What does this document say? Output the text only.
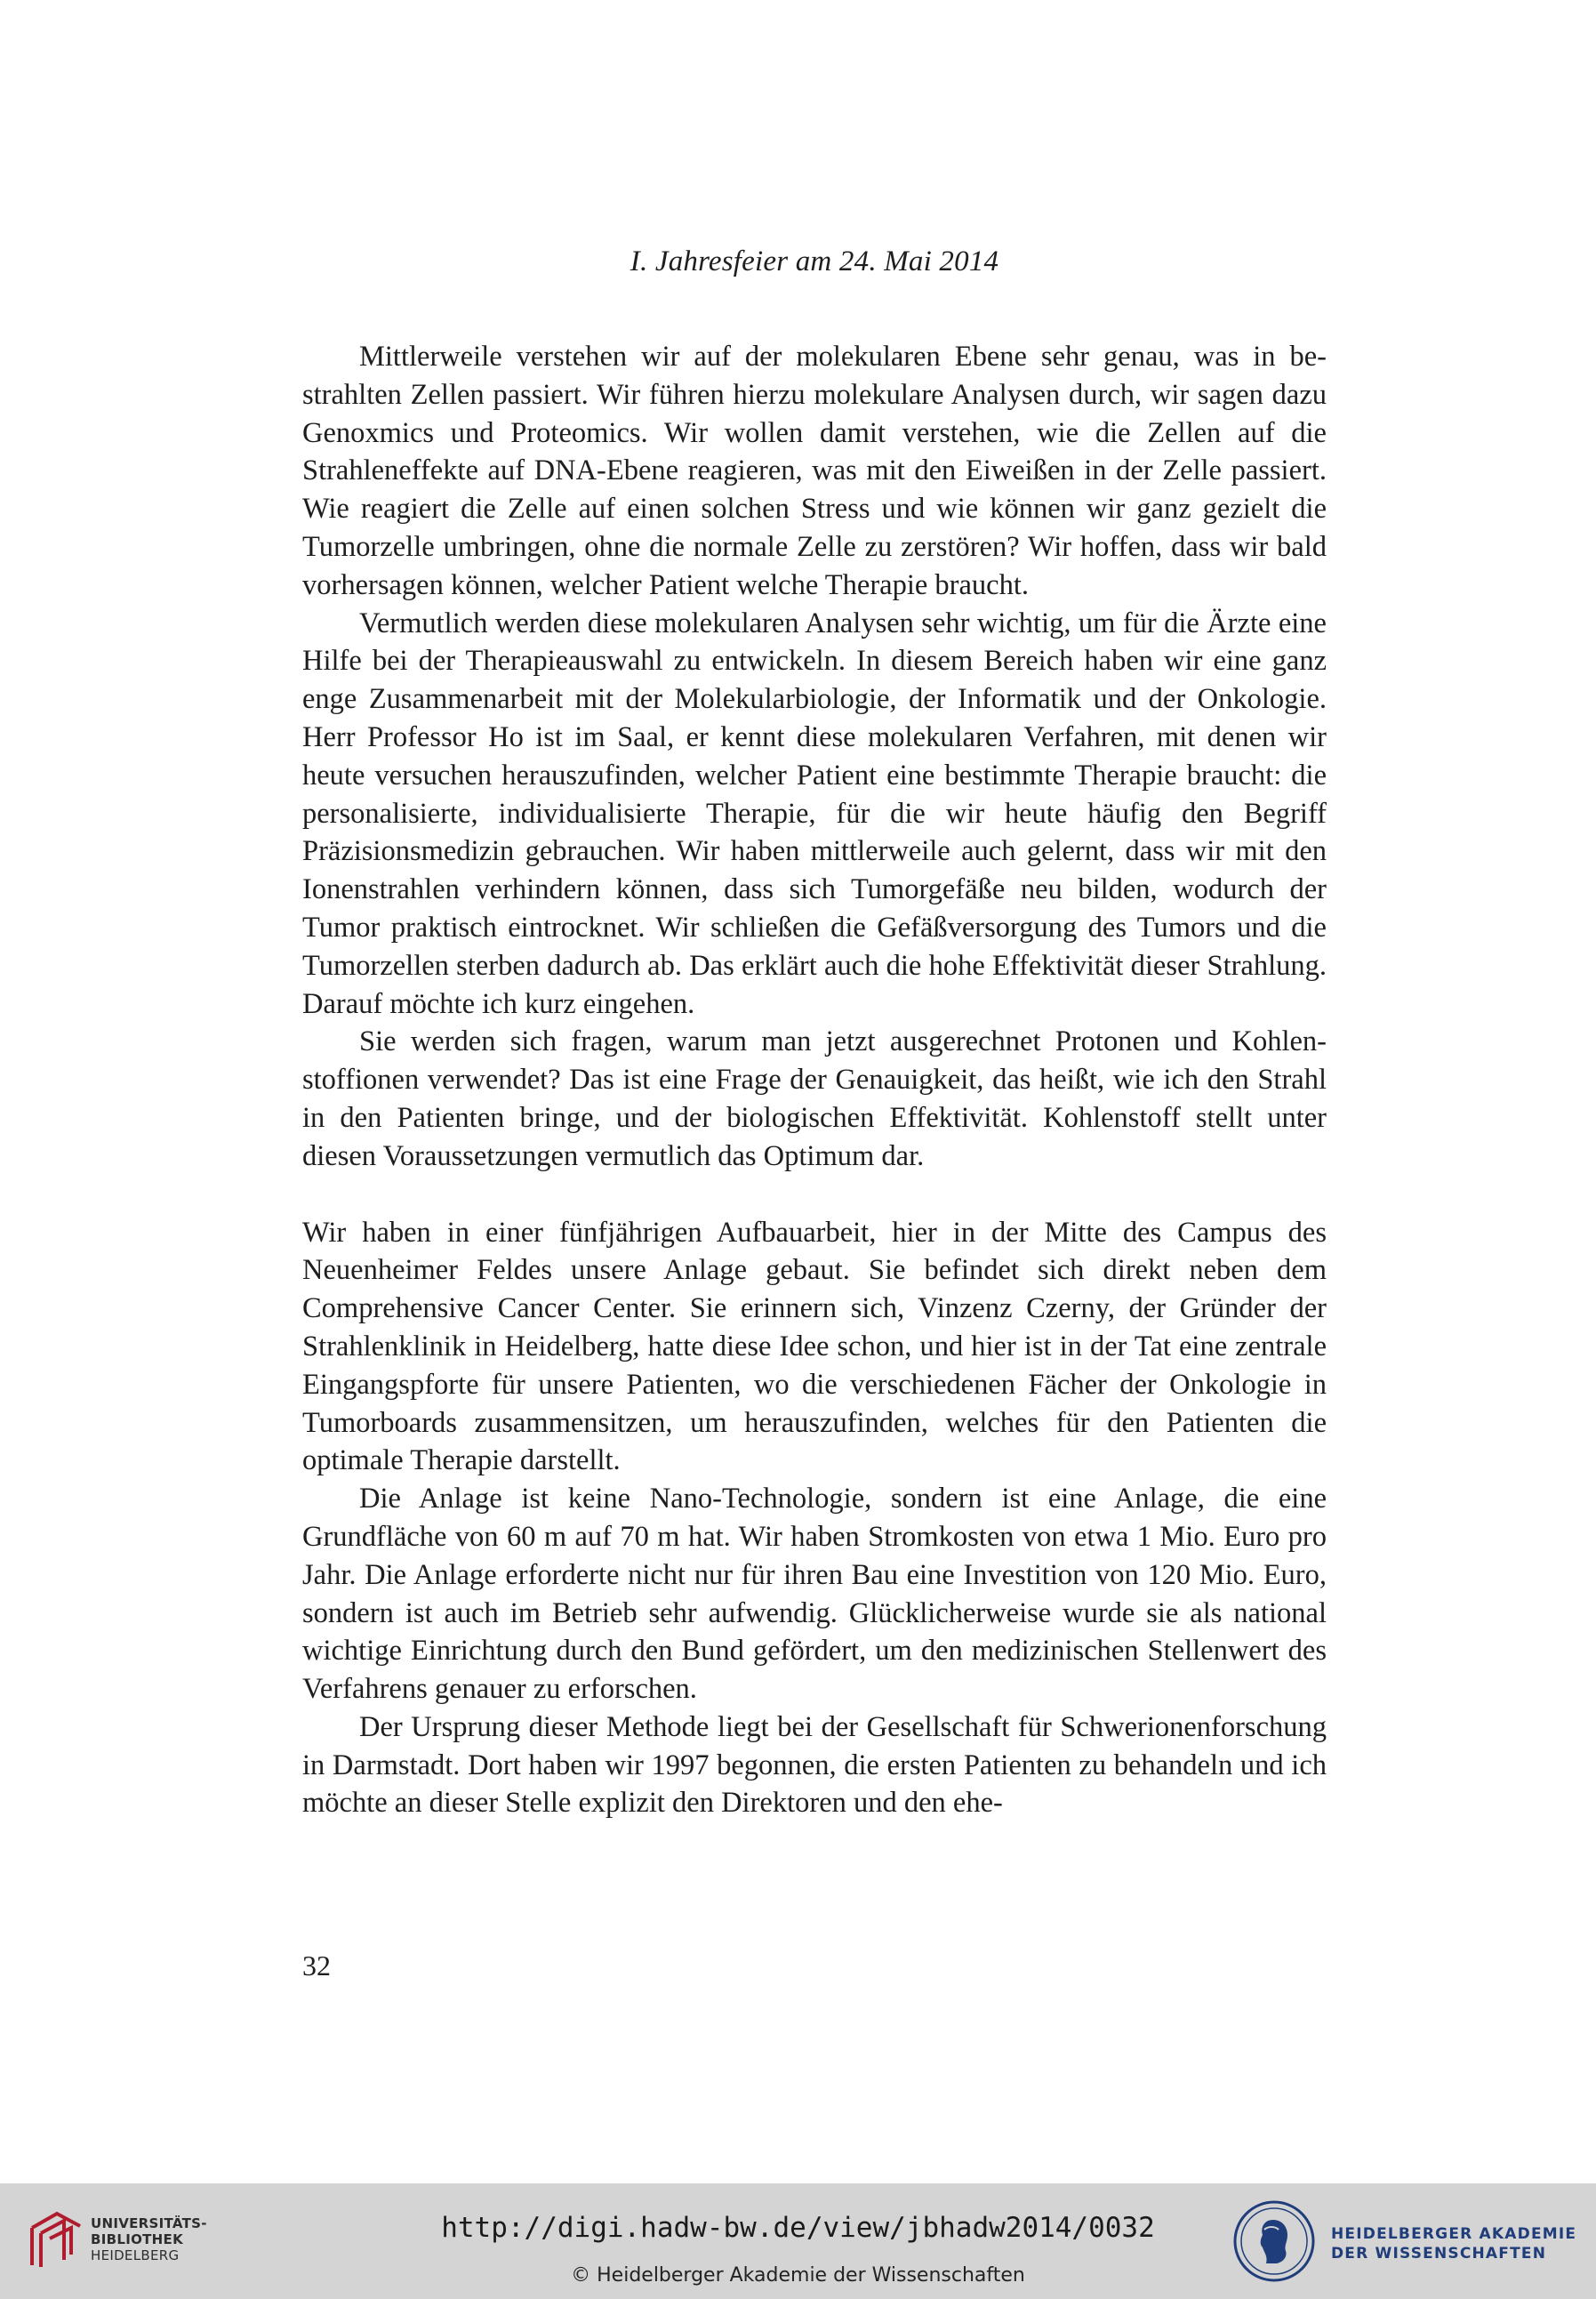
I. Jahresfeier am 24. Mai 2014

Mittlerweile verstehen wir auf der molekularen Ebene sehr genau, was in bestrahlten Zellen passiert. Wir führen hierzu molekulare Analysen durch, wir sagen dazu Genoxmics und Proteomics. Wir wollen damit verstehen, wie die Zellen auf die Strahleneffekte auf DNA-Ebene reagieren, was mit den Eiweißen in der Zelle passiert. Wie reagiert die Zelle auf einen solchen Stress und wie können wir ganz gezielt die Tumorzelle umbringen, ohne die normale Zelle zu zerstören? Wir hoffen, dass wir bald vorhersagen können, welcher Patient welche Therapie braucht.

Vermutlich werden diese molekularen Analysen sehr wichtig, um für die Ärzte eine Hilfe bei der Therapieauswahl zu entwickeln. In diesem Bereich haben wir eine ganz enge Zusammenarbeit mit der Molekularbiologie, der Informatik und der Onkologie. Herr Professor Ho ist im Saal, er kennt diese molekularen Verfahren, mit denen wir heute versuchen herauszufinden, welcher Patient eine bestimmte Therapie braucht: die personalisierte, individualisierte Therapie, für die wir heute häufig den Begriff Präzisionsmedizin gebrauchen. Wir haben mittlerweile auch gelernt, dass wir mit den Ionenstrahlen verhindern können, dass sich Tumorgefäße neu bilden, wodurch der Tumor praktisch eintrocknet. Wir schließen die Gefäßversorgung des Tumors und die Tumorzellen sterben dadurch ab. Das erklärt auch die hohe Effektivität dieser Strahlung. Darauf möchte ich kurz eingehen.

Sie werden sich fragen, warum man jetzt ausgerechnet Protonen und Kohlenstoffionen verwendet? Das ist eine Frage der Genauigkeit, das heißt, wie ich den Strahl in den Patienten bringe, und der biologischen Effektivität. Kohlenstoff stellt unter diesen Voraussetzungen vermutlich das Optimum dar.

Wir haben in einer fünfjährigen Aufbauarbeit, hier in der Mitte des Campus des Neuenheimer Feldes unsere Anlage gebaut. Sie befindet sich direkt neben dem Comprehensive Cancer Center. Sie erinnern sich, Vinzenz Czerny, der Gründer der Strahlenklinik in Heidelberg, hatte diese Idee schon, und hier ist in der Tat eine zentrale Eingangspforte für unsere Patienten, wo die verschiedenen Fächer der Onkologie in Tumorboards zusammensitzen, um herauszufinden, welches für den Patienten die optimale Therapie darstellt.

Die Anlage ist keine Nano-Technologie, sondern ist eine Anlage, die eine Grundfläche von 60 m auf 70 m hat. Wir haben Stromkosten von etwa 1 Mio. Euro pro Jahr. Die Anlage erforderte nicht nur für ihren Bau eine Investition von 120 Mio. Euro, sondern ist auch im Betrieb sehr aufwendig. Glücklicherweise wurde sie als national wichtige Einrichtung durch den Bund gefördert, um den medizinischen Stellenwert des Verfahrens genauer zu erforschen.

Der Ursprung dieser Methode liegt bei der Gesellschaft für Schwerionenforschung in Darmstadt. Dort haben wir 1997 begonnen, die ersten Patienten zu behandeln und ich möchte an dieser Stelle explizit den Direktoren und den ehe-

32
UNIVERSITÄTS-
BIBLIOTHEK
HEIDELBERG
http://digi.hadw-bw.de/view/jbhadw2014/0032
© Heidelberger Akademie der Wissenschaften
HEIDELBERGER AKADEMIE
DER WISSENSCHAFTEN
